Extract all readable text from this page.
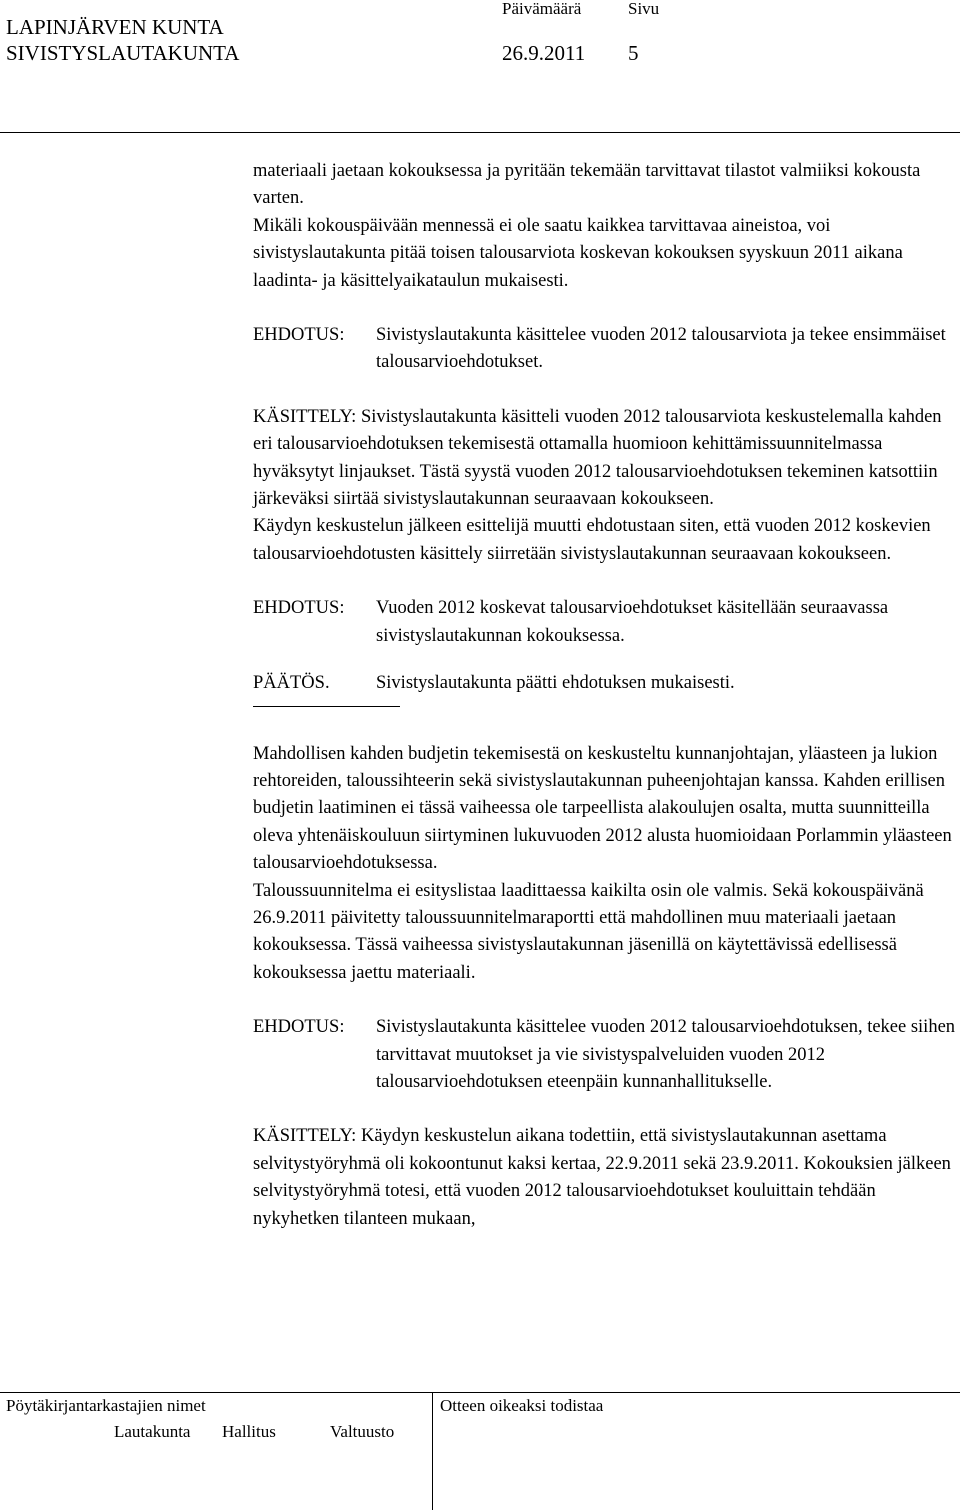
LAPINJÄRVEN KUNTA
SIVISTYSLAUTAKUNTA
Päivämäärä	Sivu
26.9.2011 5

materiaali jaetaan kokouksessa ja pyritään tekemään tarvittavat tilastot valmiiksi kokousta varten.

Mikäli kokouspäivään mennessä ei ole saatu kaikkea tarvittavaa aineistoa, voi sivistyslautakunta pitää toisen talousarviota koskevan kokouksen syyskuun 2011 aikana laadinta- ja käsittelyaikataulun mukaisesti.

EHDOTUS:	Sivistyslautakunta käsittelee vuoden 2012 talousarviota ja tekee ensimmäiset talousarvioehdotukset.

KÄSITTELY: Sivistyslautakunta käsitteli vuoden 2012 talousarviota keskustelemalla kahden eri talousarvioehdotuksen tekemisestä ottamalla huomioon kehittämissuunnitelmassa hyväksytyt linjaukset. Tästä syystä vuoden 2012 talousarvioehdotuksen tekeminen katsottiin järkeväksi siirtää sivistyslautakunnan seuraavaan kokoukseen.

Käydyn keskustelun jälkeen esittelijä muutti ehdotustaan siten, että vuoden 2012 koskevien talousarvioehdotusten käsittely siirretään sivistyslautakunnan seuraavaan kokoukseen.

EHDOTUS:	Vuoden 2012 koskevat talousarvioehdotukset käsitellään seuraavassa sivistyslautakunnan kokouksessa.
PÄÄTÖS.	Sivistyslautakunta päätti ehdotuksen mukaisesti.

Mahdollisen kahden budjetin tekemisestä on keskusteltu kunnanjohtajan, yläasteen ja lukion rehtoreiden, taloussihteerin sekä sivistyslautakunnan puheenjohtajan kanssa. Kahden erillisen budjetin laatiminen ei tässä vaiheessa ole tarpeellista alakoulujen osalta, mutta suunnitteilla oleva yhtenäiskouluun siirtyminen lukuvuoden 2012 alusta huomioidaan Porlammin yläasteen talousarvioehdotuksessa.

Taloussuunnitelma ei esityslistaa laadittaessa kaikilta osin ole valmis. Sekä kokouspäivänä 26.9.2011 päivitetty taloussuunnitelmaraportti että mahdollinen muu materiaali jaetaan kokouksessa. Tässä vaiheessa sivistyslautakunnan jäsenillä on käytettävissä edellisessä kokouksessa jaettu materiaali.

EHDOTUS:	Sivistyslautakunta käsittelee vuoden 2012 talousarvioehdotuksen, tekee siihen tarvittavat muutokset ja vie sivistyspalveluiden vuoden 2012 talousarvioehdotuksen eteenpäin kunnanhallitukselle.

KÄSITTELY: Käydyn keskustelun aikana todettiin, että sivistyslautakunnan asettama selvitystyöryhmä oli kokoontunut kaksi kertaa, 22.9.2011 sekä 23.9.2011. Kokouksien jälkeen selvitystyöryhmä totesi, että vuoden 2012 talousarvioehdotukset kouluittain tehdään nykyhetken tilanteen mukaan,

Pöytäkirjantarkastajien nimet	Otteen oikeaksi todistaa
Lautakunta Hallitus	Valtuusto
